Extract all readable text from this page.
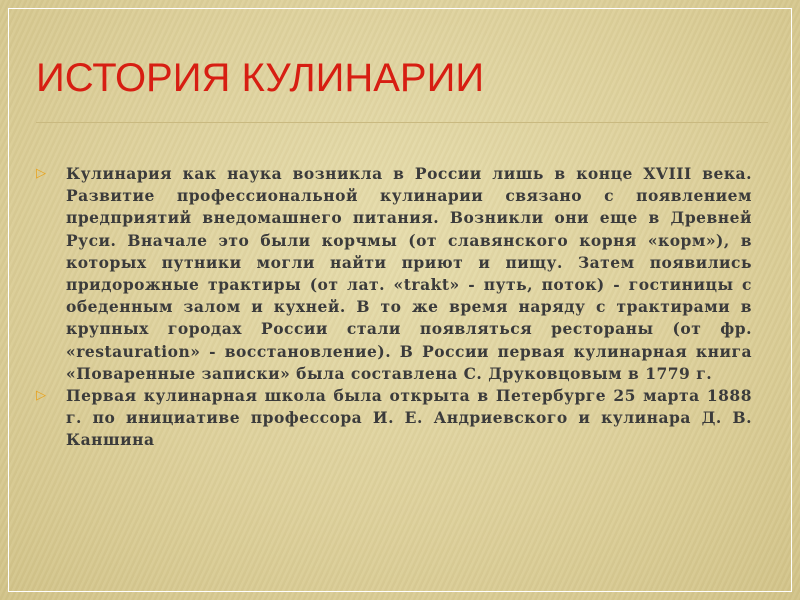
ИСТОРИЯ КУЛИНАРИИ
▷ Кулинария как наука возникла в России лишь в конце XVIII века. Развитие профессиональной кулинарии связано с появлением предприятий внедомашнего питания. Возникли они еще в Древней Руси. Вначале это были корчмы (от славянского корня «корм»), в которых путники могли найти приют и пищу. Затем появились придорожные трактиры (от лат. «trakt» - путь, поток) - гостиницы с обеденным залом и кухней. В то же время наряду с трактирами в крупных городах России стали появляться рестораны (от фр. «restauration» - восстановление). В России первая кулинарная книга «Поваренные записки» была составлена С. Друковцовым в 1779 г.
▷ Первая кулинарная школа была открыта в Петербурге 25 марта 1888 г. по инициативе профессора И. Е. Андриевского и кулинара Д. В. Каншина
